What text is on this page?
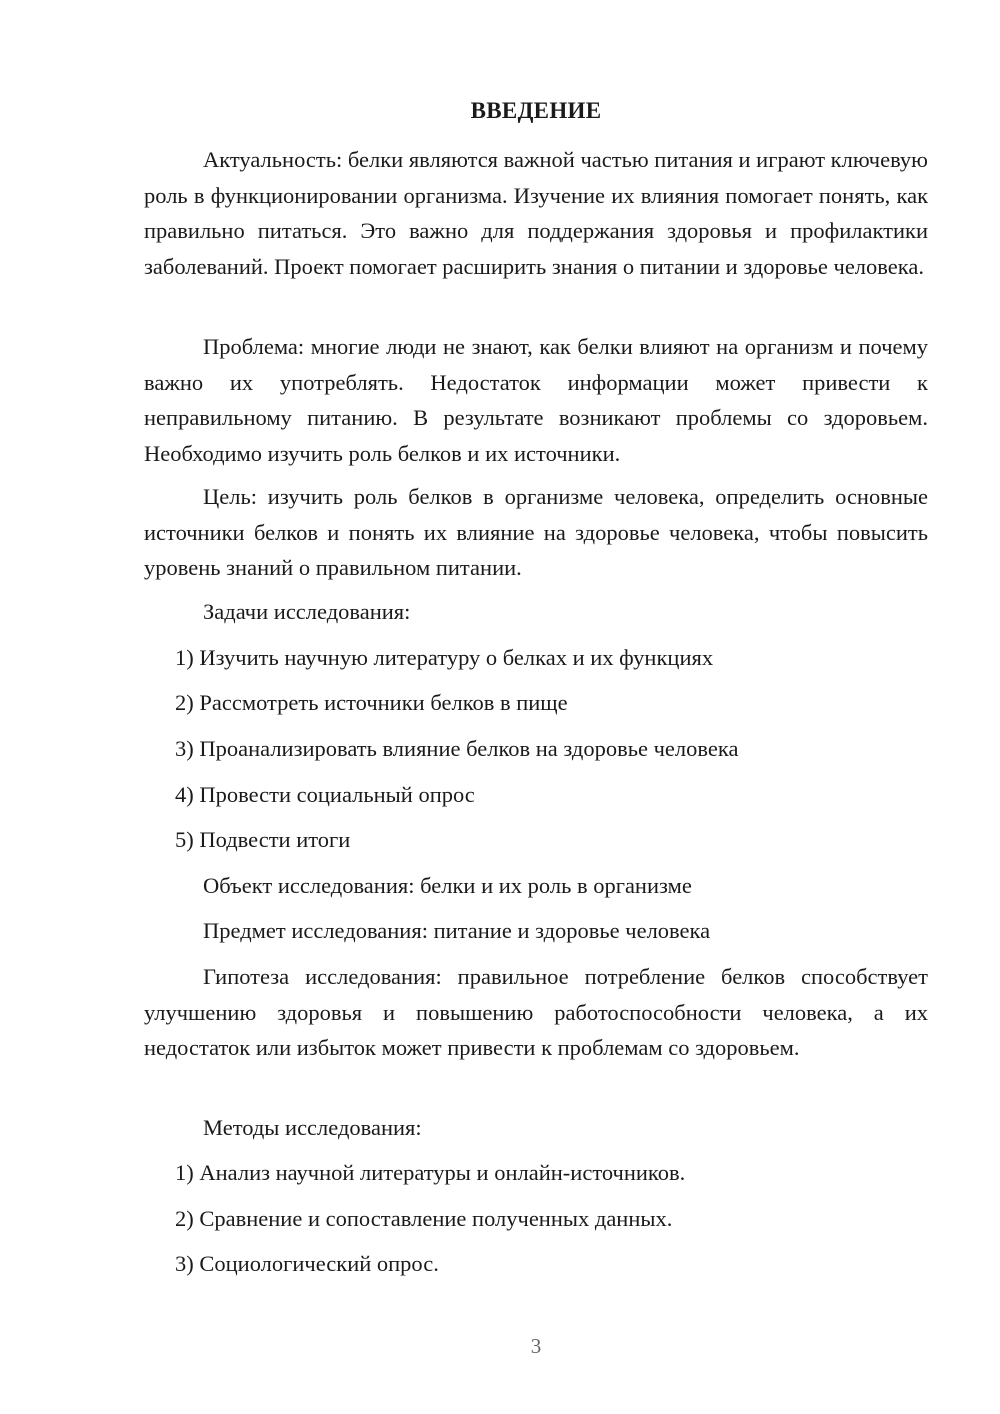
ВВЕДЕНИЕ

Актуальность: белки являются важной частью питания и играют ключевую роль в функционировании организма. Изучение их влияния помогает понять, как правильно питаться. Это важно для поддержания здоровья и профилактики заболеваний. Проект помогает расширить знания о питании и здоровье человека.

Проблема: многие люди не знают, как белки влияют на организм и почему важно их употреблять. Недостаток информации может привести к неправильному питанию. В результате возникают проблемы со здоровьем. Необходимо изучить роль белков и их источники.

Цель: изучить роль белков в организме человека, определить основные источники белков и понять их влияние на здоровье человека, чтобы повысить уровень знаний о правильном питании.

Задачи исследования:

1) Изучить научную литературу о белках и их функциях

2) Рассмотреть источники белков в пище

3) Проанализировать влияние белков на здоровье человека

4) Провести социальный опрос

5) Подвести итоги

Объект исследования: белки и их роль в организме

Предмет исследования: питание и здоровье человека

Гипотеза исследования: правильное потребление белков способствует улучшению здоровья и повышению работоспособности человека, а их недостаток или избыток может привести к проблемам со здоровьем.

Методы исследования:

1) Анализ научной литературы и онлайн-источников.

2) Сравнение и сопоставление полученных данных.

3) Социологический опрос.

3
